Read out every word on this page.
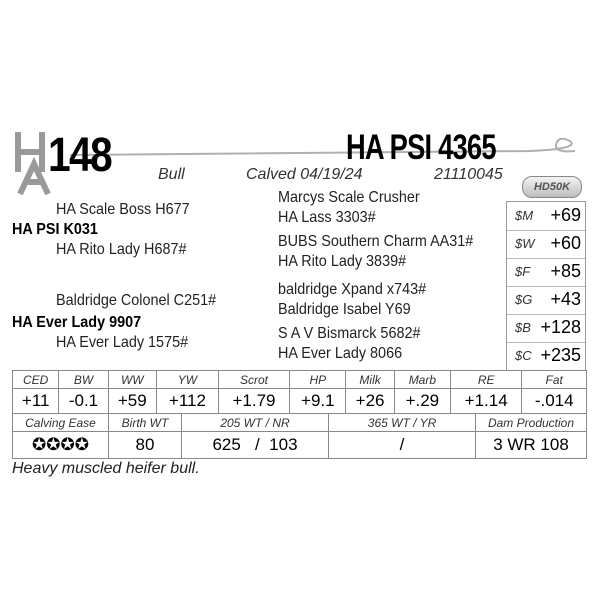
148	HA PSI 4365
Bull	Calved 04/19/24	21110045
HD50K
HA Scale Boss H677
HA PSI K031
HA Rito Lady H687#
Baldridge Colonel C251#
HA Ever Lady 9907
HA Ever Lady 1575#
Marcys Scale Crusher
HA Lass 3303#
BUBS Southern Charm AA31#
HA Rito Lady 3839#
baldridge Xpand x743#
Baldridge Isabel Y69
S A V Bismarck 5682#
HA Ever Lady 8066
$M +69
$W +60
$F +85
$G +43
$B +128
$C +235
CED	BW	WW	YW	Scrot	HP	Milk	Marb	RE	Fat
+11	-0.1	+59	+112	+1.79	+9.1	+26	+.29	+1.14	-.014
Calving Ease	Birth WT	205 WT / NR	365 WT / YR	Dam Production
✪✪✪✪	80	625 / 103	/	3 WR 108
Heavy muscled heifer bull.
